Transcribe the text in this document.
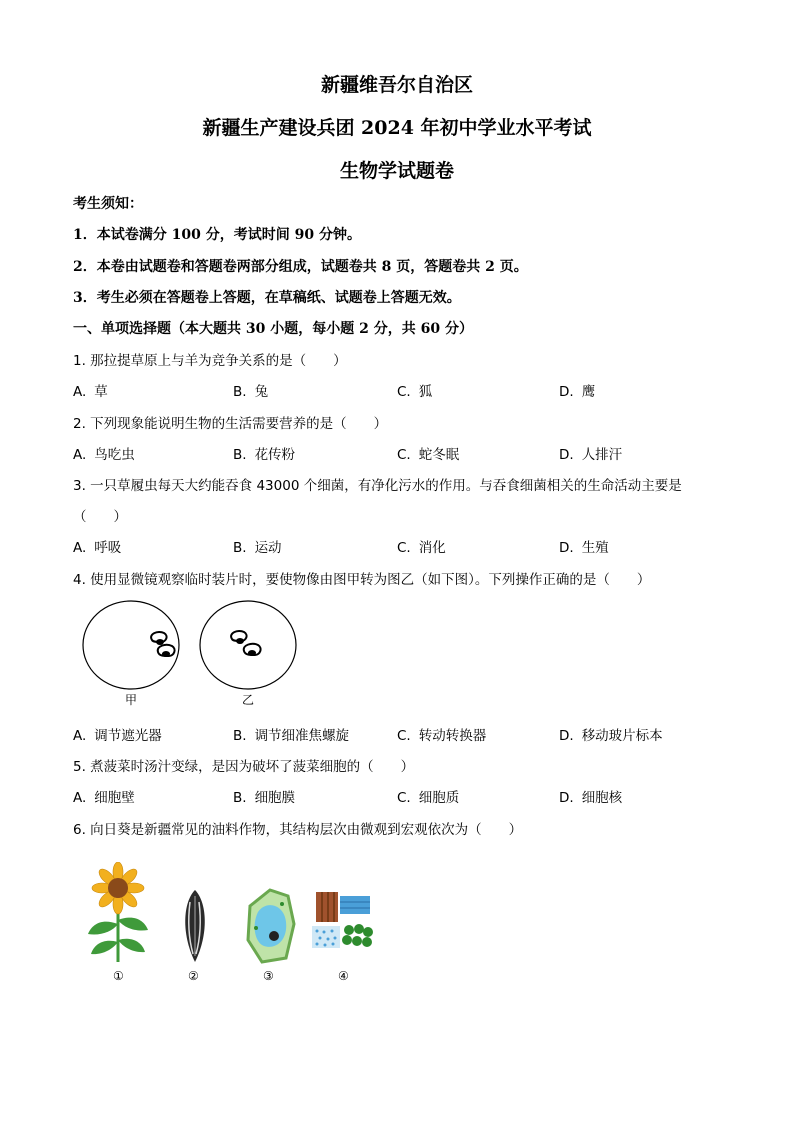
新疆维吾尔自治区
新疆生产建设兵团 2024 年初中学业水平考试
生物学试题卷
考生须知：
1．本试卷满分 100 分，考试时间 90 分钟。
2．本卷由试题卷和答题卷两部分组成，试题卷共 8 页，答题卷共 2 页。
3．考生必须在答题卷上答题，在草稿纸、试题卷上答题无效。
一、单项选择题（本大题共 30 小题，每小题 2 分，共 60 分）
1. 那拉提草原上与羊为竞争关系的是（　　）
A. 草	B. 兔	C. 狐	D. 鹰
2. 下列现象能说明生物的生活需要营养的是（　　）
A. 鸟吃虫	B. 花传粉	C. 蛇冬眠	D. 人排汗
3. 一只草履虫每天大约能吞食 43000 个细菌，有净化污水的作用。与吞食细菌相关的生命活动主要是
（　　）
A. 呼吸	B. 运动	C. 消化	D. 生殖
4. 使用显微镜观察临时装片时，要使物像由图甲转为图乙（如下图）。下列操作正确的是（　　）
甲	乙
A. 调节遮光器	B. 调节细准焦螺旋	C. 转动转换器	D. 移动玻片标本
5. 煮菠菜时汤汁变绿，是因为破坏了菠菜细胞的（　　）
A. 细胞壁	B. 细胞膜	C. 细胞质	D. 细胞核
6. 向日葵是新疆常见的油料作物，其结构层次由微观到宏观依次为（　　）
①	②	③	④
